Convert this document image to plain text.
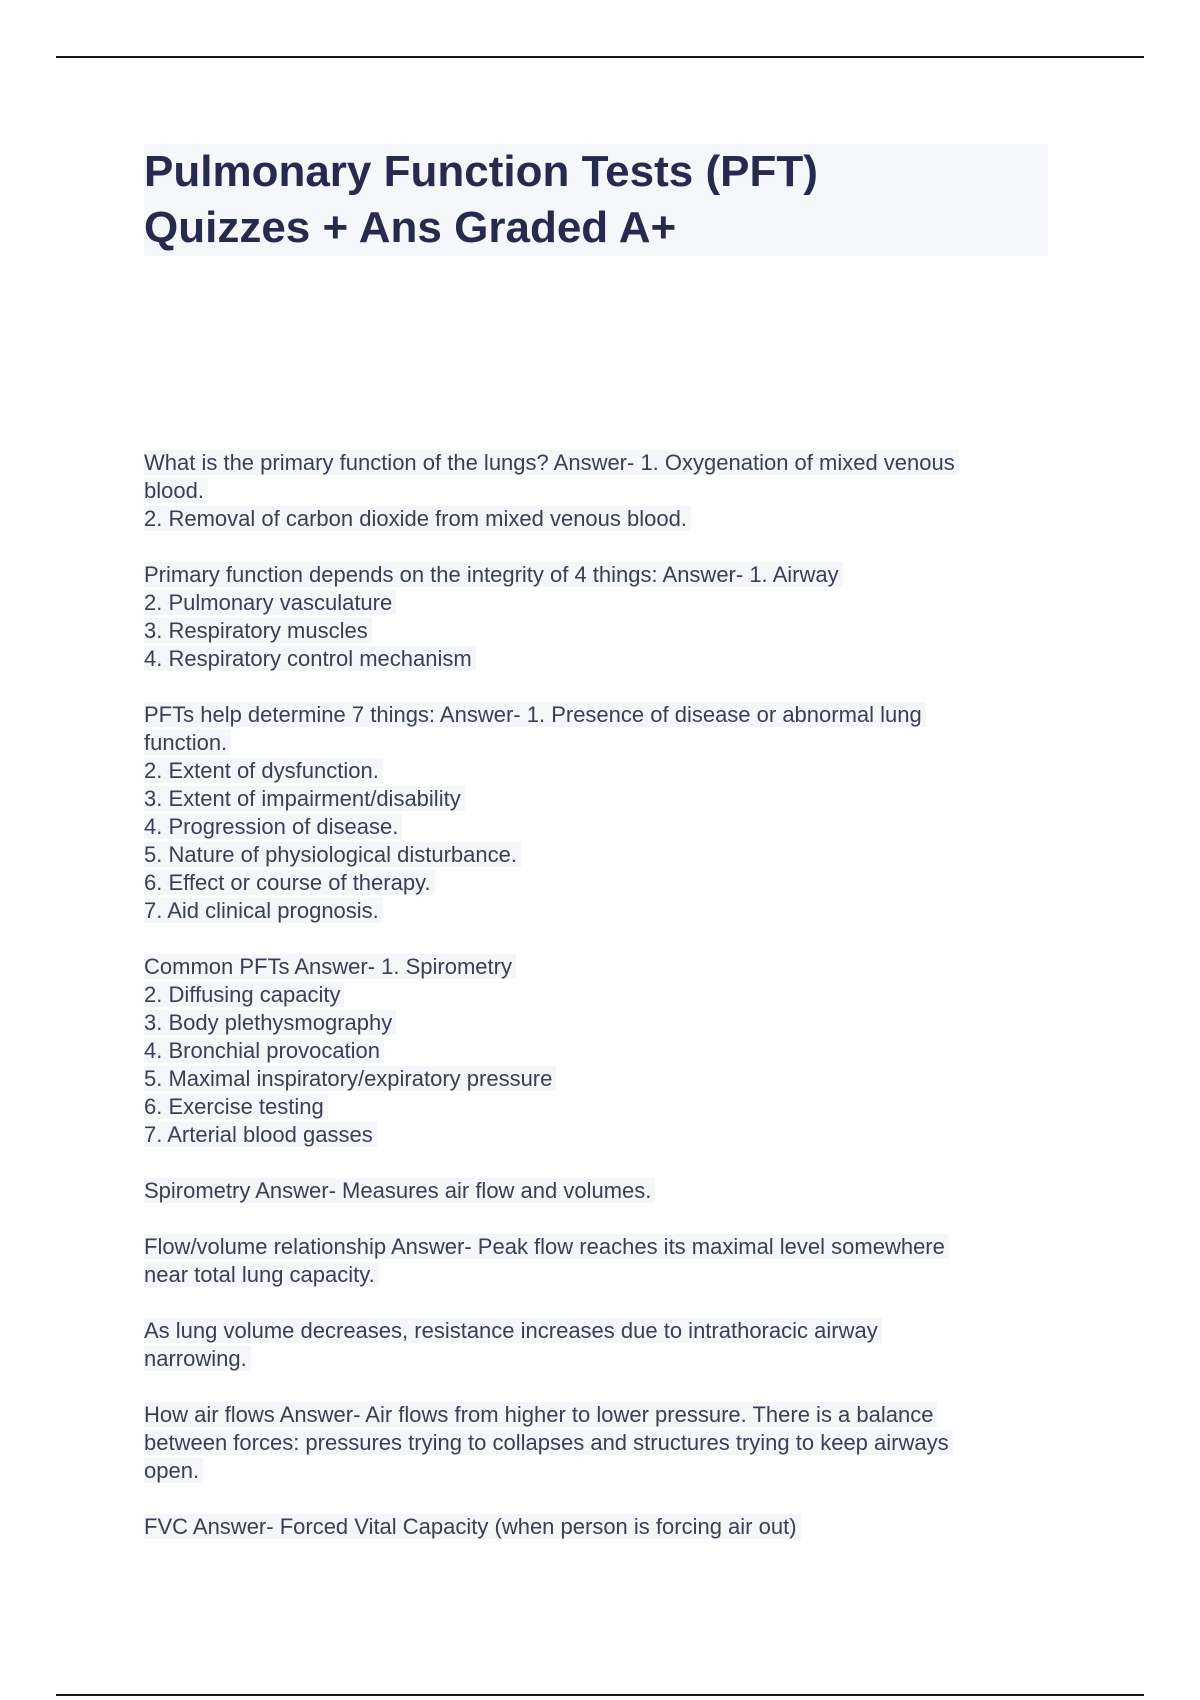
Pulmonary Function Tests (PFT)

Quizzes + Ans Graded A+

What is the primary function of the lungs? Answer- 1. Oxygenation of mixed venous
blood.
2. Removal of carbon dioxide from mixed venous blood.
Primary function depends on the integrity of 4 things: Answer- 1. Airway
2. Pulmonary vasculature
3. Respiratory muscles
4. Respiratory control mechanism
PFTs help determine 7 things: Answer- 1. Presence of disease or abnormal lung
function.
2. Extent of dysfunction.
3. Extent of impairment/disability
4. Progression of disease.
5. Nature of physiological disturbance.
6. Effect or course of therapy.
7. Aid clinical prognosis.
Common PFTs Answer- 1. Spirometry
2. Diffusing capacity
3. Body plethysmography
4. Bronchial provocation
5. Maximal inspiratory/expiratory pressure
6. Exercise testing
7. Arterial blood gasses
Spirometry Answer- Measures air flow and volumes.
Flow/volume relationship Answer- Peak flow reaches its maximal level somewhere
near total lung capacity.
As lung volume decreases, resistance increases due to intrathoracic airway
narrowing.
How air flows Answer- Air flows from higher to lower pressure. There is a balance
between forces: pressures trying to collapses and structures trying to keep airways
open.
FVC Answer- Forced Vital Capacity (when person is forcing air out)
